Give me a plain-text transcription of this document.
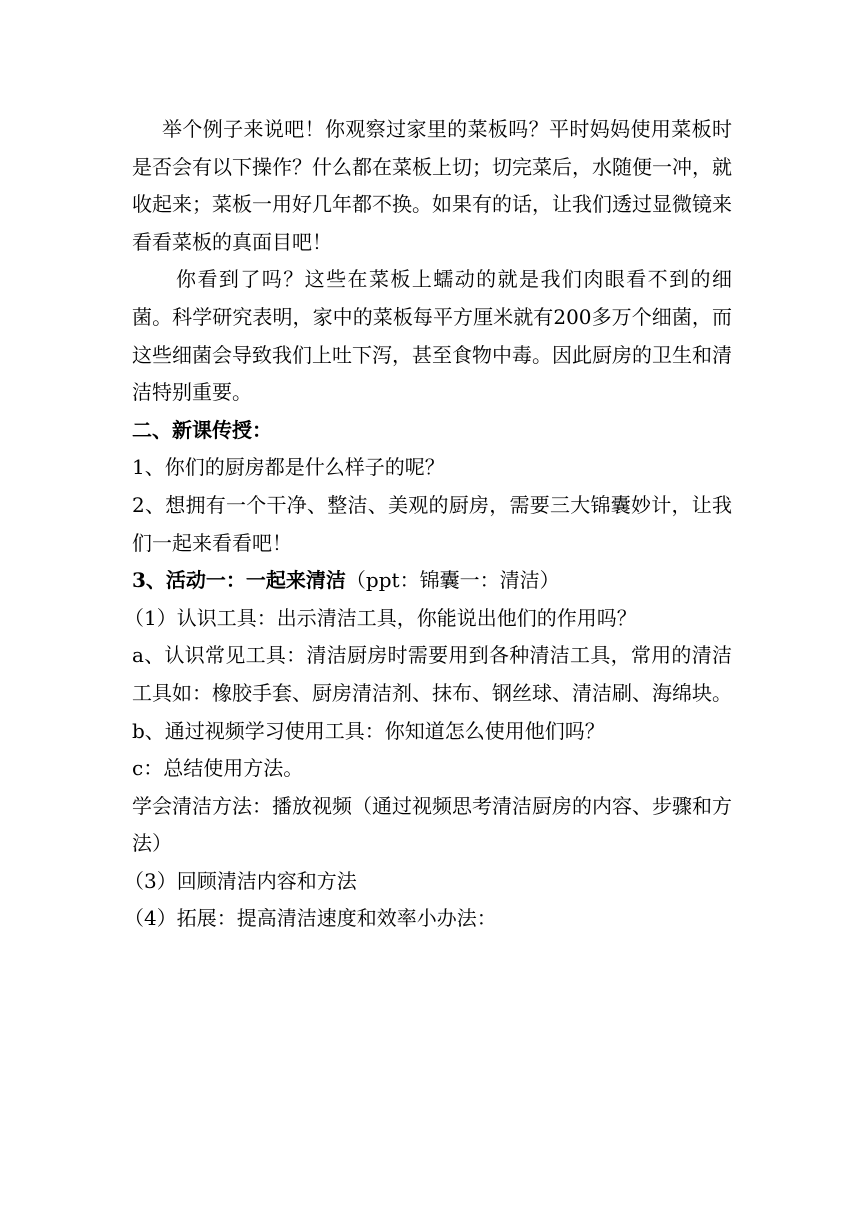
举个例子来说吧！你观察过家里的菜板吗？平时妈妈使用菜板时是否会有以下操作？什么都在菜板上切；切完菜后，水随便一冲，就收起来；菜板一用好几年都不换。如果有的话，让我们透过显微镜来看看菜板的真面目吧！

你看到了吗？这些在菜板上蠕动的就是我们肉眼看不到的细菌。科学研究表明，家中的菜板每平方厘米就有200多万个细菌，而这些细菌会导致我们上吐下泻，甚至食物中毒。因此厨房的卫生和清洁特别重要。

二、新课传授：

1、你们的厨房都是什么样子的呢？

2、想拥有一个干净、整洁、美观的厨房，需要三大锦囊妙计，让我们一起来看看吧！

3、活动一：一起来清洁（ppt：锦囊一：清洁）

（1）认识工具：出示清洁工具，你能说出他们的作用吗？

a、认识常见工具：清洁厨房时需要用到各种清洁工具，常用的清洁工具如：橡胶手套、厨房清洁剂、抹布、钢丝球、清洁刷、海绵块。

b、通过视频学习使用工具：你知道怎么使用他们吗？

c：总结使用方法。

学会清洁方法：播放视频（通过视频思考清洁厨房的内容、步骤和方法）

（3）回顾清洁内容和方法

（4）拓展：提高清洁速度和效率小办法：
